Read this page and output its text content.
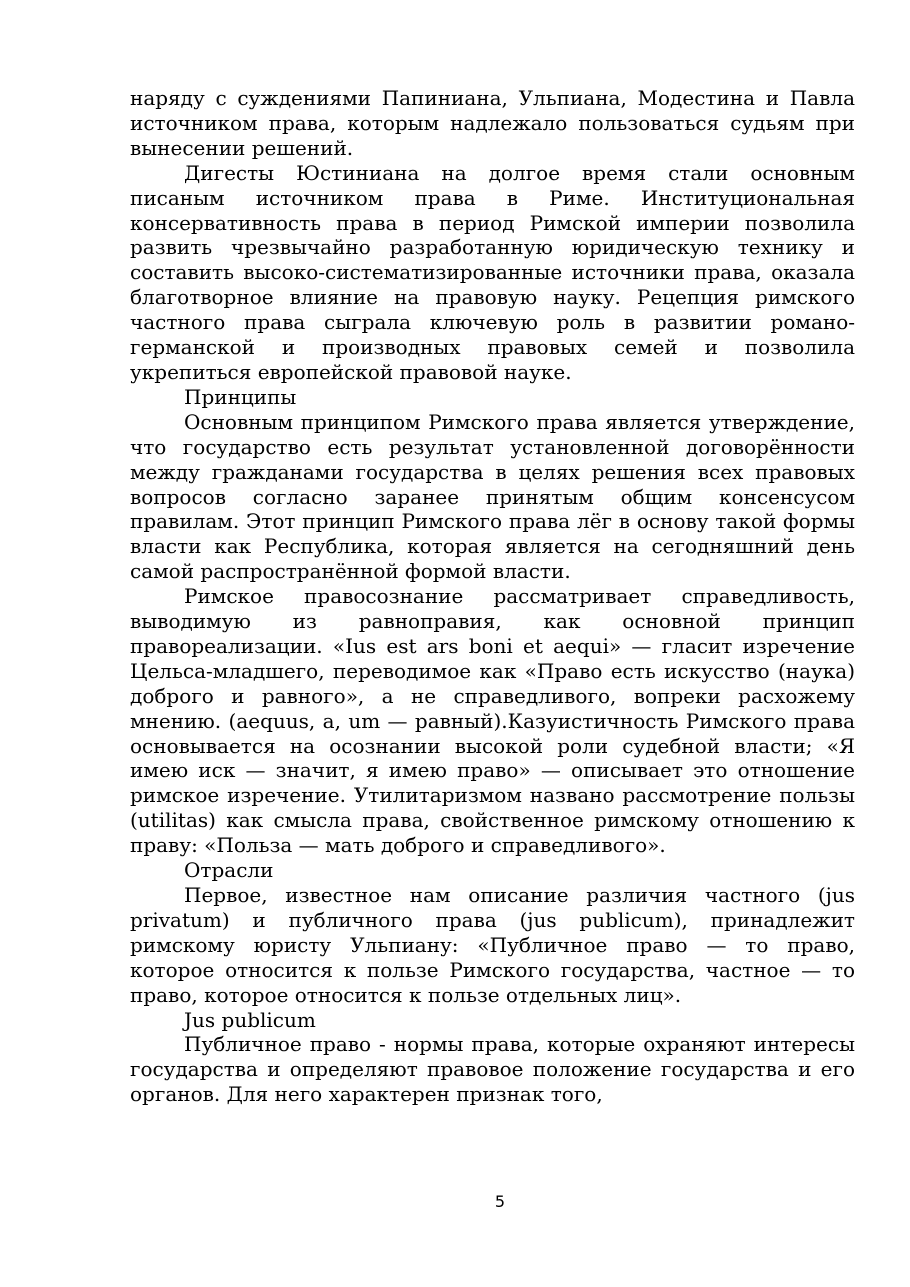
наряду с суждениями Папиниана, Ульпиана, Модестина и Павла источником права, которым надлежало пользоваться судьям при вынесении решений.

Дигесты Юстиниана на долгое время стали основным писаным источником права в Риме. Институциональная консервативность права в период Римской империи позволила развить чрезвычайно разработанную юридическую технику и составить высоко-систематизированные источники права, оказала благотворное влияние на правовую науку. Рецепция римского частного права сыграла ключевую роль в развитии романо-германской и производных правовых семей и позволила укрепиться европейской правовой науке.

Принципы

Основным принципом Римского права является утверждение, что государство есть результат установленной договорённости между гражданами государства в целях решения всех правовых вопросов согласно заранее принятым общим консенсусом правилам. Этот принцип Римского права лёг в основу такой формы власти как Республика, которая является на сегодняшний день самой распространённой формой власти.

Римское правосознание рассматривает справедливость, выводимую из равноправия, как основной принцип правореализации. «Ius est ars boni et aequi» — гласит изречение Цельса-младшего, переводимое как «Право есть искусство (наука) доброго и равного», а не справедливого, вопреки расхожему мнению. (aequus, a, um — равный).Казуистичность Римского права основывается на осознании высокой роли судебной власти; «Я имею иск — значит, я имею право» — описывает это отношение римское изречение. Утилитаризмом названо рассмотрение пользы (utilitas) как смысла права, свойственное римскому отношению к праву: «Польза — мать доброго и справедливого».

Отрасли

Первое, известное нам описание различия частного (jus privatum) и публичного права (jus publicum), принадлежит римскому юристу Ульпиану: «Публичное право — то право, которое относится к пользе Римского государства, частное — то право, которое относится к пользе отдельных лиц».

Jus publicum

Публичное право - нормы права, которые охраняют интересы государства и определяют правовое положение государства и его органов. Для него характерен признак того,

5
